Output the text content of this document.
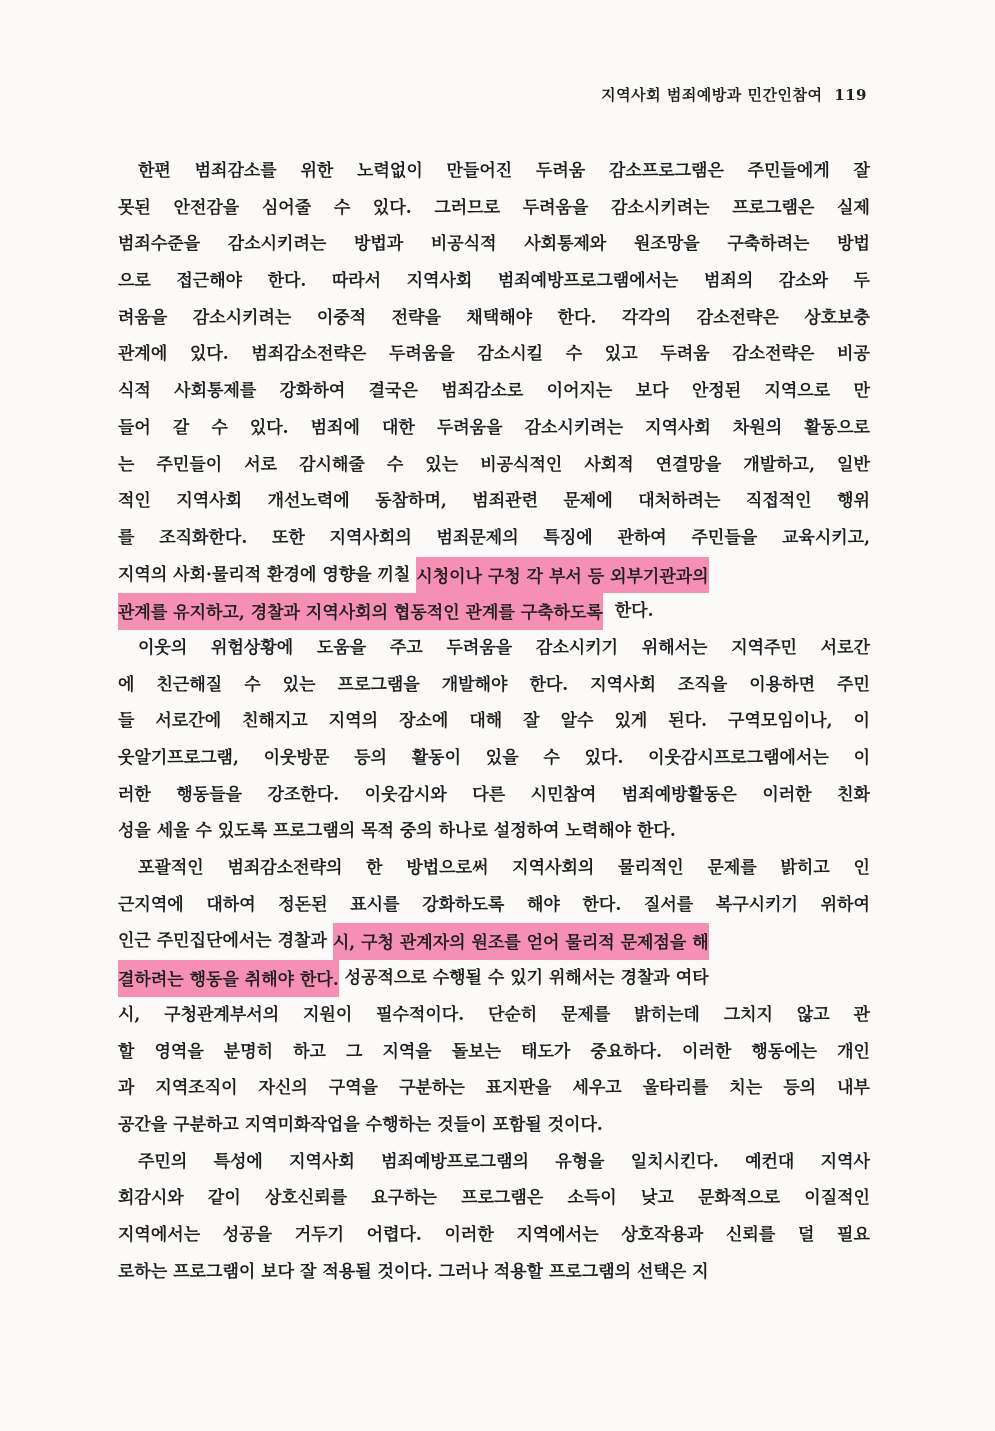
지역사회 범죄예방과 민간인참여 119
한편 범죄감소를 위한 노력없이 만들어진 두려움 감소프로그램은 주민들에게 잘
못된 안전감을 심어줄 수 있다. 그러므로 두려움을 감소시키려는 프로그램은 실제
범죄수준을 감소시키려는 방법과 비공식적 사회통제와 원조망을 구축하려는 방법
으로 접근해야 한다. 따라서 지역사회 범죄예방프로그램에서는 범죄의 감소와 두
려움을 감소시키려는 이중적 전략을 채택해야 한다. 각각의 감소전략은 상호보충
관계에 있다. 범죄감소전략은 두려움을 감소시킬 수 있고 두려움 감소전략은 비공
식적 사회통제를 강화하여 결국은 범죄감소로 이어지는 보다 안정된 지역으로 만
들어 갈 수 있다. 범죄에 대한 두려움을 감소시키려는 지역사회 차원의 활동으로
는 주민들이 서로 감시해줄 수 있는 비공식적인 사회적 연결망을 개발하고, 일반
적인 지역사회 개선노력에 동참하며, 범죄관련 문제에 대처하려는 직접적인 행위
를 조직화한다. 또한 지역사회의 범죄문제의 특징에 관하여 주민들을 교육시키고,
지역의 사회·물리적 환경에 영향을 끼칠 시청이나 구청 각 부서 등 외부기관과의
관계를 유지하고, 경찰과 지역사회의 협동적인 관계를 구축하도록 한다.
이웃의 위험상황에 도움을 주고 두려움을 감소시키기 위해서는 지역주민 서로간
에 친근해질 수 있는 프로그램을 개발해야 한다. 지역사회 조직을 이용하면 주민
들 서로간에 친해지고 지역의 장소에 대해 잘 알수 있게 된다. 구역모임이나, 이
웃알기프로그램, 이웃방문 등의 활동이 있을 수 있다. 이웃감시프로그램에서는 이
러한 행동들을 강조한다. 이웃감시와 다른 시민참여 범죄예방활동은 이러한 친화
성을 세울 수 있도록 프로그램의 목적 중의 하나로 설정하여 노력해야 한다.
포괄적인 범죄감소전략의 한 방법으로써 지역사회의 물리적인 문제를 밝히고 인
근지역에 대하여 정돈된 표시를 강화하도록 해야 한다. 질서를 복구시키기 위하여
인근 주민집단에서는 경찰과 시, 구청 관계자의 원조를 얻어 물리적 문제점을 해
결하려는 행동을 취해야 한다. 성공적으로 수행될 수 있기 위해서는 경찰과 여타
시, 구청관계부서의 지원이 필수적이다. 단순히 문제를 밝히는데 그치지 않고 관
할 영역을 분명히 하고 그 지역을 돌보는 태도가 중요하다. 이러한 행동에는 개인
과 지역조직이 자신의 구역을 구분하는 표지판을 세우고 울타리를 치는 등의 내부
공간을 구분하고 지역미화작업을 수행하는 것들이 포함될 것이다.
주민의 특성에 지역사회 범죄예방프로그램의 유형을 일치시킨다. 예컨대 지역사
회감시와 같이 상호신뢰를 요구하는 프로그램은 소득이 낮고 문화적으로 이질적인
지역에서는 성공을 거두기 어렵다. 이러한 지역에서는 상호작용과 신뢰를 덜 필요
로하는 프로그램이 보다 잘 적용될 것이다. 그러나 적용할 프로그램의 선택은 지
